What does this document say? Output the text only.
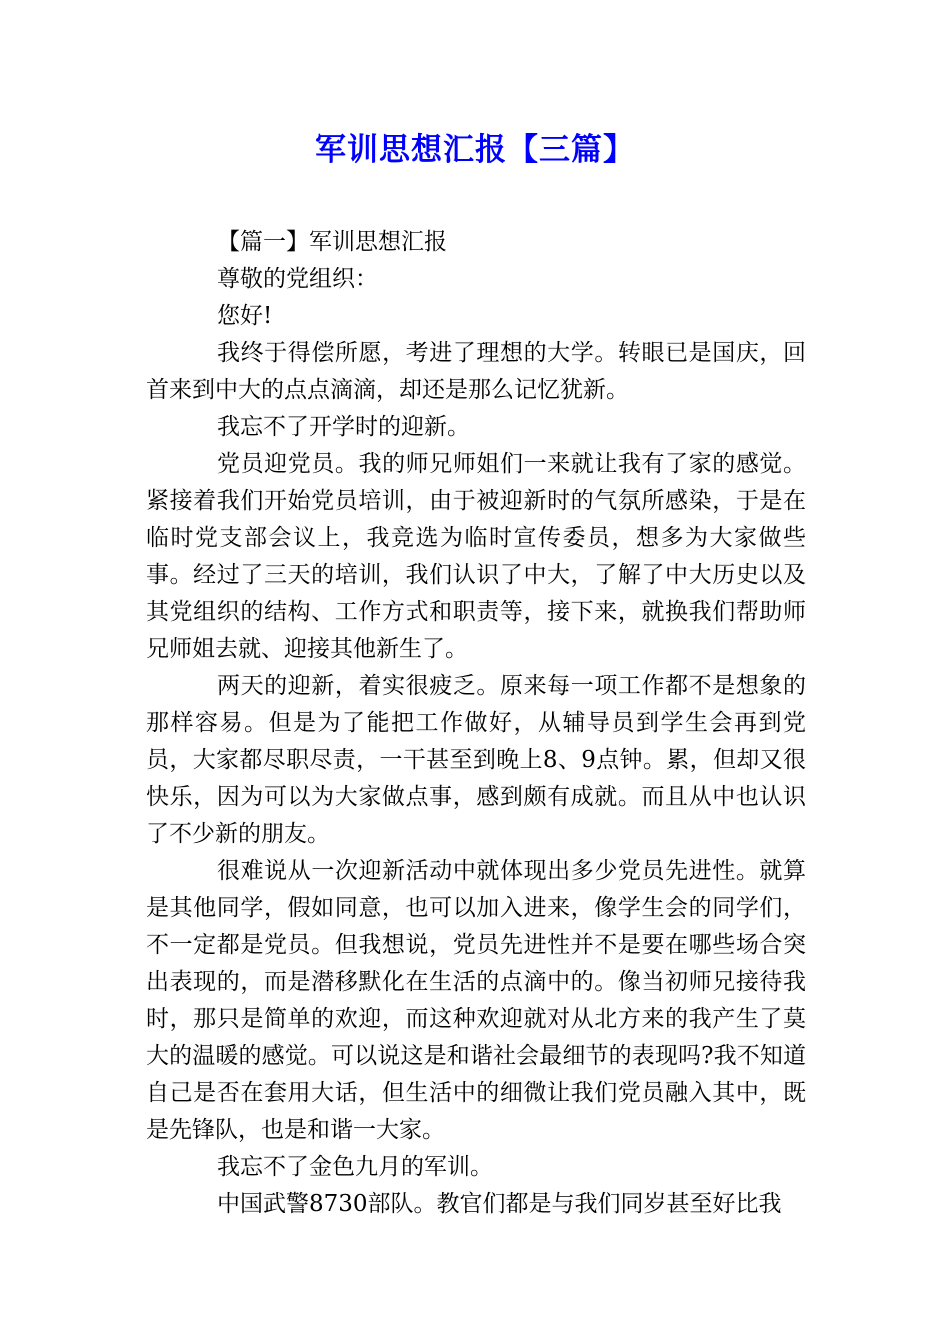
军训思想汇报【三篇】

【篇一】军训思想汇报

尊敬的党组织：

您好!

我终于得偿所愿，考进了理想的大学。转眼已是国庆，回首来到中大的点点滴滴，却还是那么记忆犹新。

我忘不了开学时的迎新。

党员迎党员。我的师兄师姐们一来就让我有了家的感觉。紧接着我们开始党员培训，由于被迎新时的气氛所感染，于是在临时党支部会议上，我竞选为临时宣传委员，想多为大家做些事。经过了三天的培训，我们认识了中大，了解了中大历史以及其党组织的结构、工作方式和职责等，接下来，就换我们帮助师兄师姐去就、迎接其他新生了。

两天的迎新，着实很疲乏。原来每一项工作都不是想象的那样容易。但是为了能把工作做好，从辅导员到学生会再到党员，大家都尽职尽责，一干甚至到晚上8、9点钟。累，但却又很快乐，因为可以为大家做点事，感到颇有成就。而且从中也认识了不少新的朋友。

很难说从一次迎新活动中就体现出多少党员先进性。就算是其他同学，假如同意，也可以加入进来，像学生会的同学们，不一定都是党员。但我想说，党员先进性并不是要在哪些场合突出表现的，而是潜移默化在生活的点滴中的。像当初师兄接待我时，那只是简单的欢迎，而这种欢迎就对从北方来的我产生了莫大的温暖的感觉。可以说这是和谐社会最细节的表现吗?我不知道自己是否在套用大话，但生活中的细微让我们党员融入其中，既是先锋队，也是和谐一大家。

我忘不了金色九月的军训。

中国武警8730部队。教官们都是与我们同岁甚至好比我
